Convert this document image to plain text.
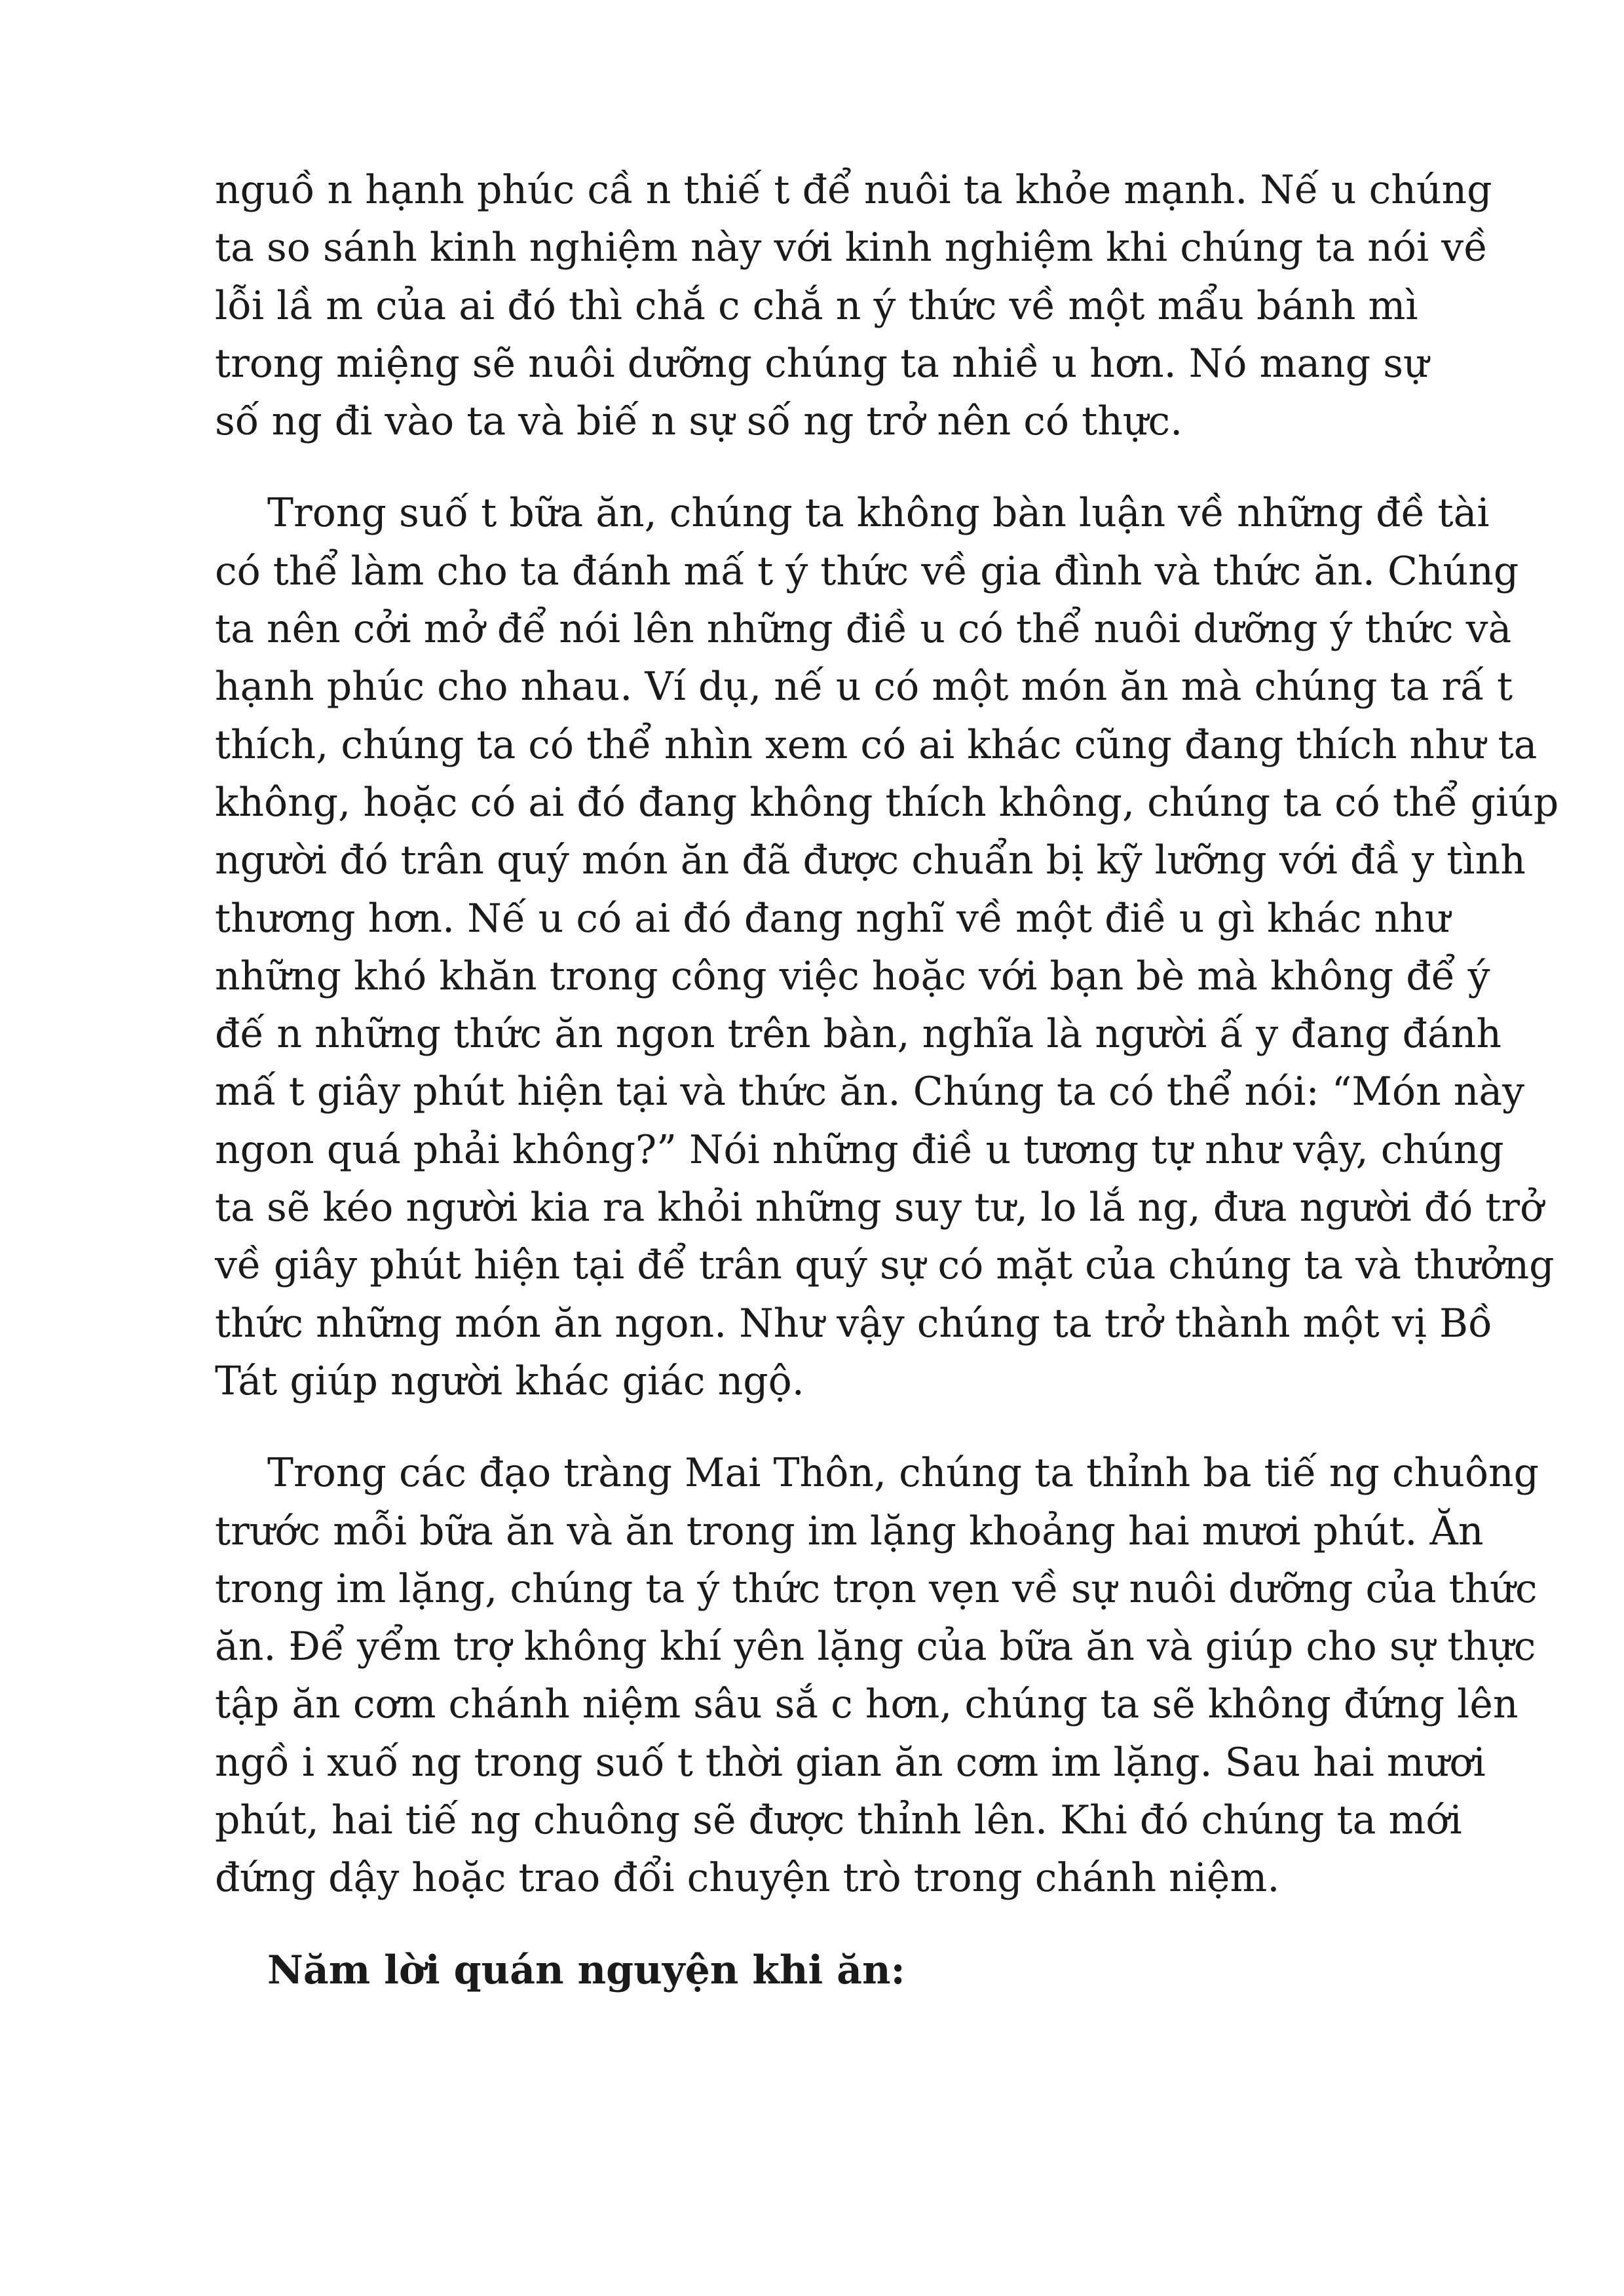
nguồ n hạnh phúc cầ n thiế t để nuôi ta khỏe mạnh. Nế u chúng
ta so sánh kinh nghiệm này với kinh nghiệm khi chúng ta nói về
lỗi lầ m của ai đó thì chắ c chắ n ý thức về một mẩu bánh mì
trong miệng sẽ nuôi dưỡng chúng ta nhiề u hơn. Nó mang sự
số ng đi vào ta và biế n sự số ng trở nên có thực.
Trong suố t bữa ăn, chúng ta không bàn luận về những đề tài
có thể làm cho ta đánh mấ t ý thức về gia đình và thức ăn. Chúng
ta nên cởi mở để nói lên những điề u có thể nuôi dưỡng ý thức và
hạnh phúc cho nhau. Ví dụ, nế u có một món ăn mà chúng ta rấ t
thích, chúng ta có thể nhìn xem có ai khác cũng đang thích như ta
không, hoặc có ai đó đang không thích không, chúng ta có thể giúp
người đó trân quý món ăn đã được chuẩn bị kỹ lưỡng với đầ y tình
thương hơn. Nế u có ai đó đang nghĩ về một điề u gì khác như
những khó khăn trong công việc hoặc với bạn bè mà không để ý
đế n những thức ăn ngon trên bàn, nghĩa là người ấ y đang đánh
mấ t giây phút hiện tại và thức ăn. Chúng ta có thể nói: “Món này
ngon quá phải không?” Nói những điề u tương tự như vậy, chúng
ta sẽ kéo người kia ra khỏi những suy tư, lo lắ ng, đưa người đó trở
về giây phút hiện tại để trân quý sự có mặt của chúng ta và thưởng
thức những món ăn ngon. Như vậy chúng ta trở thành một vị Bồ
Tát giúp người khác giác ngộ.
Trong các đạo tràng Mai Thôn, chúng ta thỉnh ba tiế ng chuông
trước mỗi bữa ăn và ăn trong im lặng khoảng hai mươi phút. Ăn
trong im lặng, chúng ta ý thức trọn vẹn về sự nuôi dưỡng của thức
ăn. Để yểm trợ không khí yên lặng của bữa ăn và giúp cho sự thực
tập ăn cơm chánh niệm sâu sắ c hơn, chúng ta sẽ không đứng lên
ngồ i xuố ng trong suố t thời gian ăn cơm im lặng. Sau hai mươi
phút, hai tiế ng chuông sẽ được thỉnh lên. Khi đó chúng ta mới
đứng dậy hoặc trao đổi chuyện trò trong chánh niệm.
Năm lời quán nguyện khi ăn:
